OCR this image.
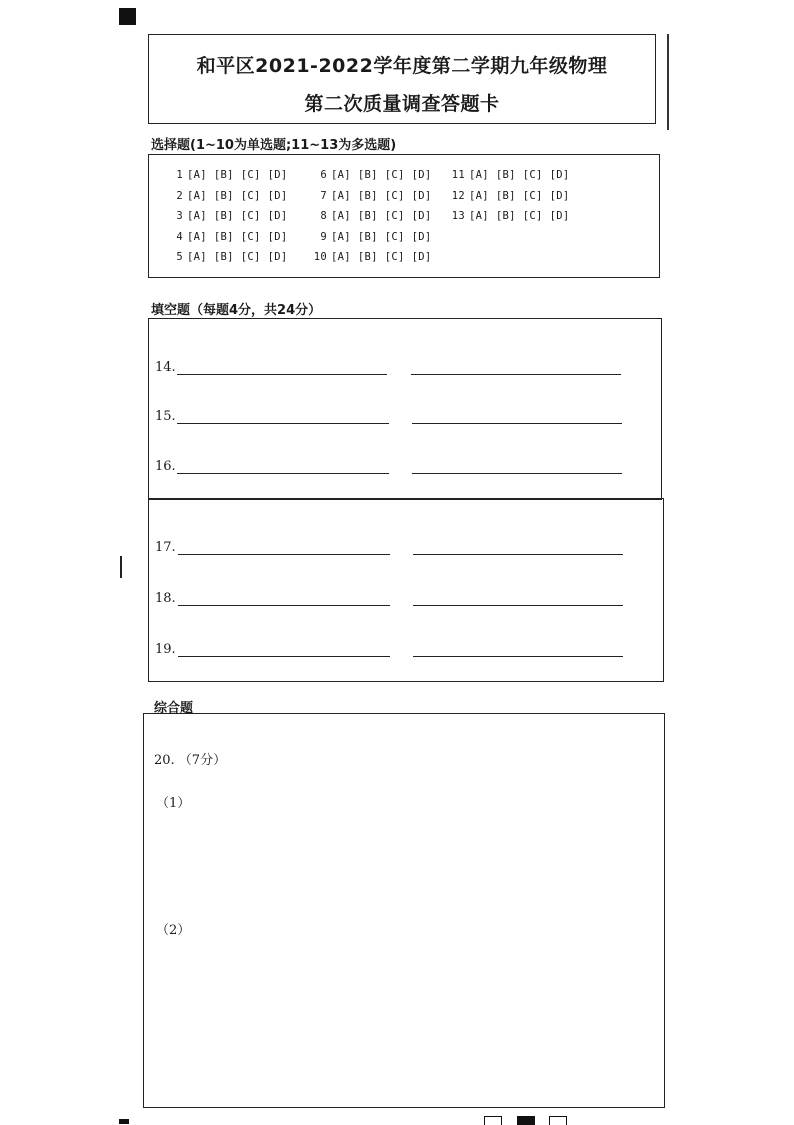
和平区2021-2022学年度第二学期九年级物理
第二次质量调查答题卡
选择题(1~10为单选题;11~13为多选题)
1 [A] [B] [C] [D]
2 [A] [B] [C] [D]
3 [A] [B] [C] [D]
4 [A] [B] [C] [D]
5 [A] [B] [C] [D]
6 [A] [B] [C] [D]
7 [A] [B] [C] [D]
8 [A] [B] [C] [D]
9 [A] [B] [C] [D]
10 [A] [B] [C] [D]
11 [A] [B] [C] [D]
12 [A] [B] [C] [D]
13 [A] [B] [C] [D]
填空题（每题4分，共24分）
14.
15.
16.
17.
18.
19.
综合题
20. （7分）
（1）
（2）
